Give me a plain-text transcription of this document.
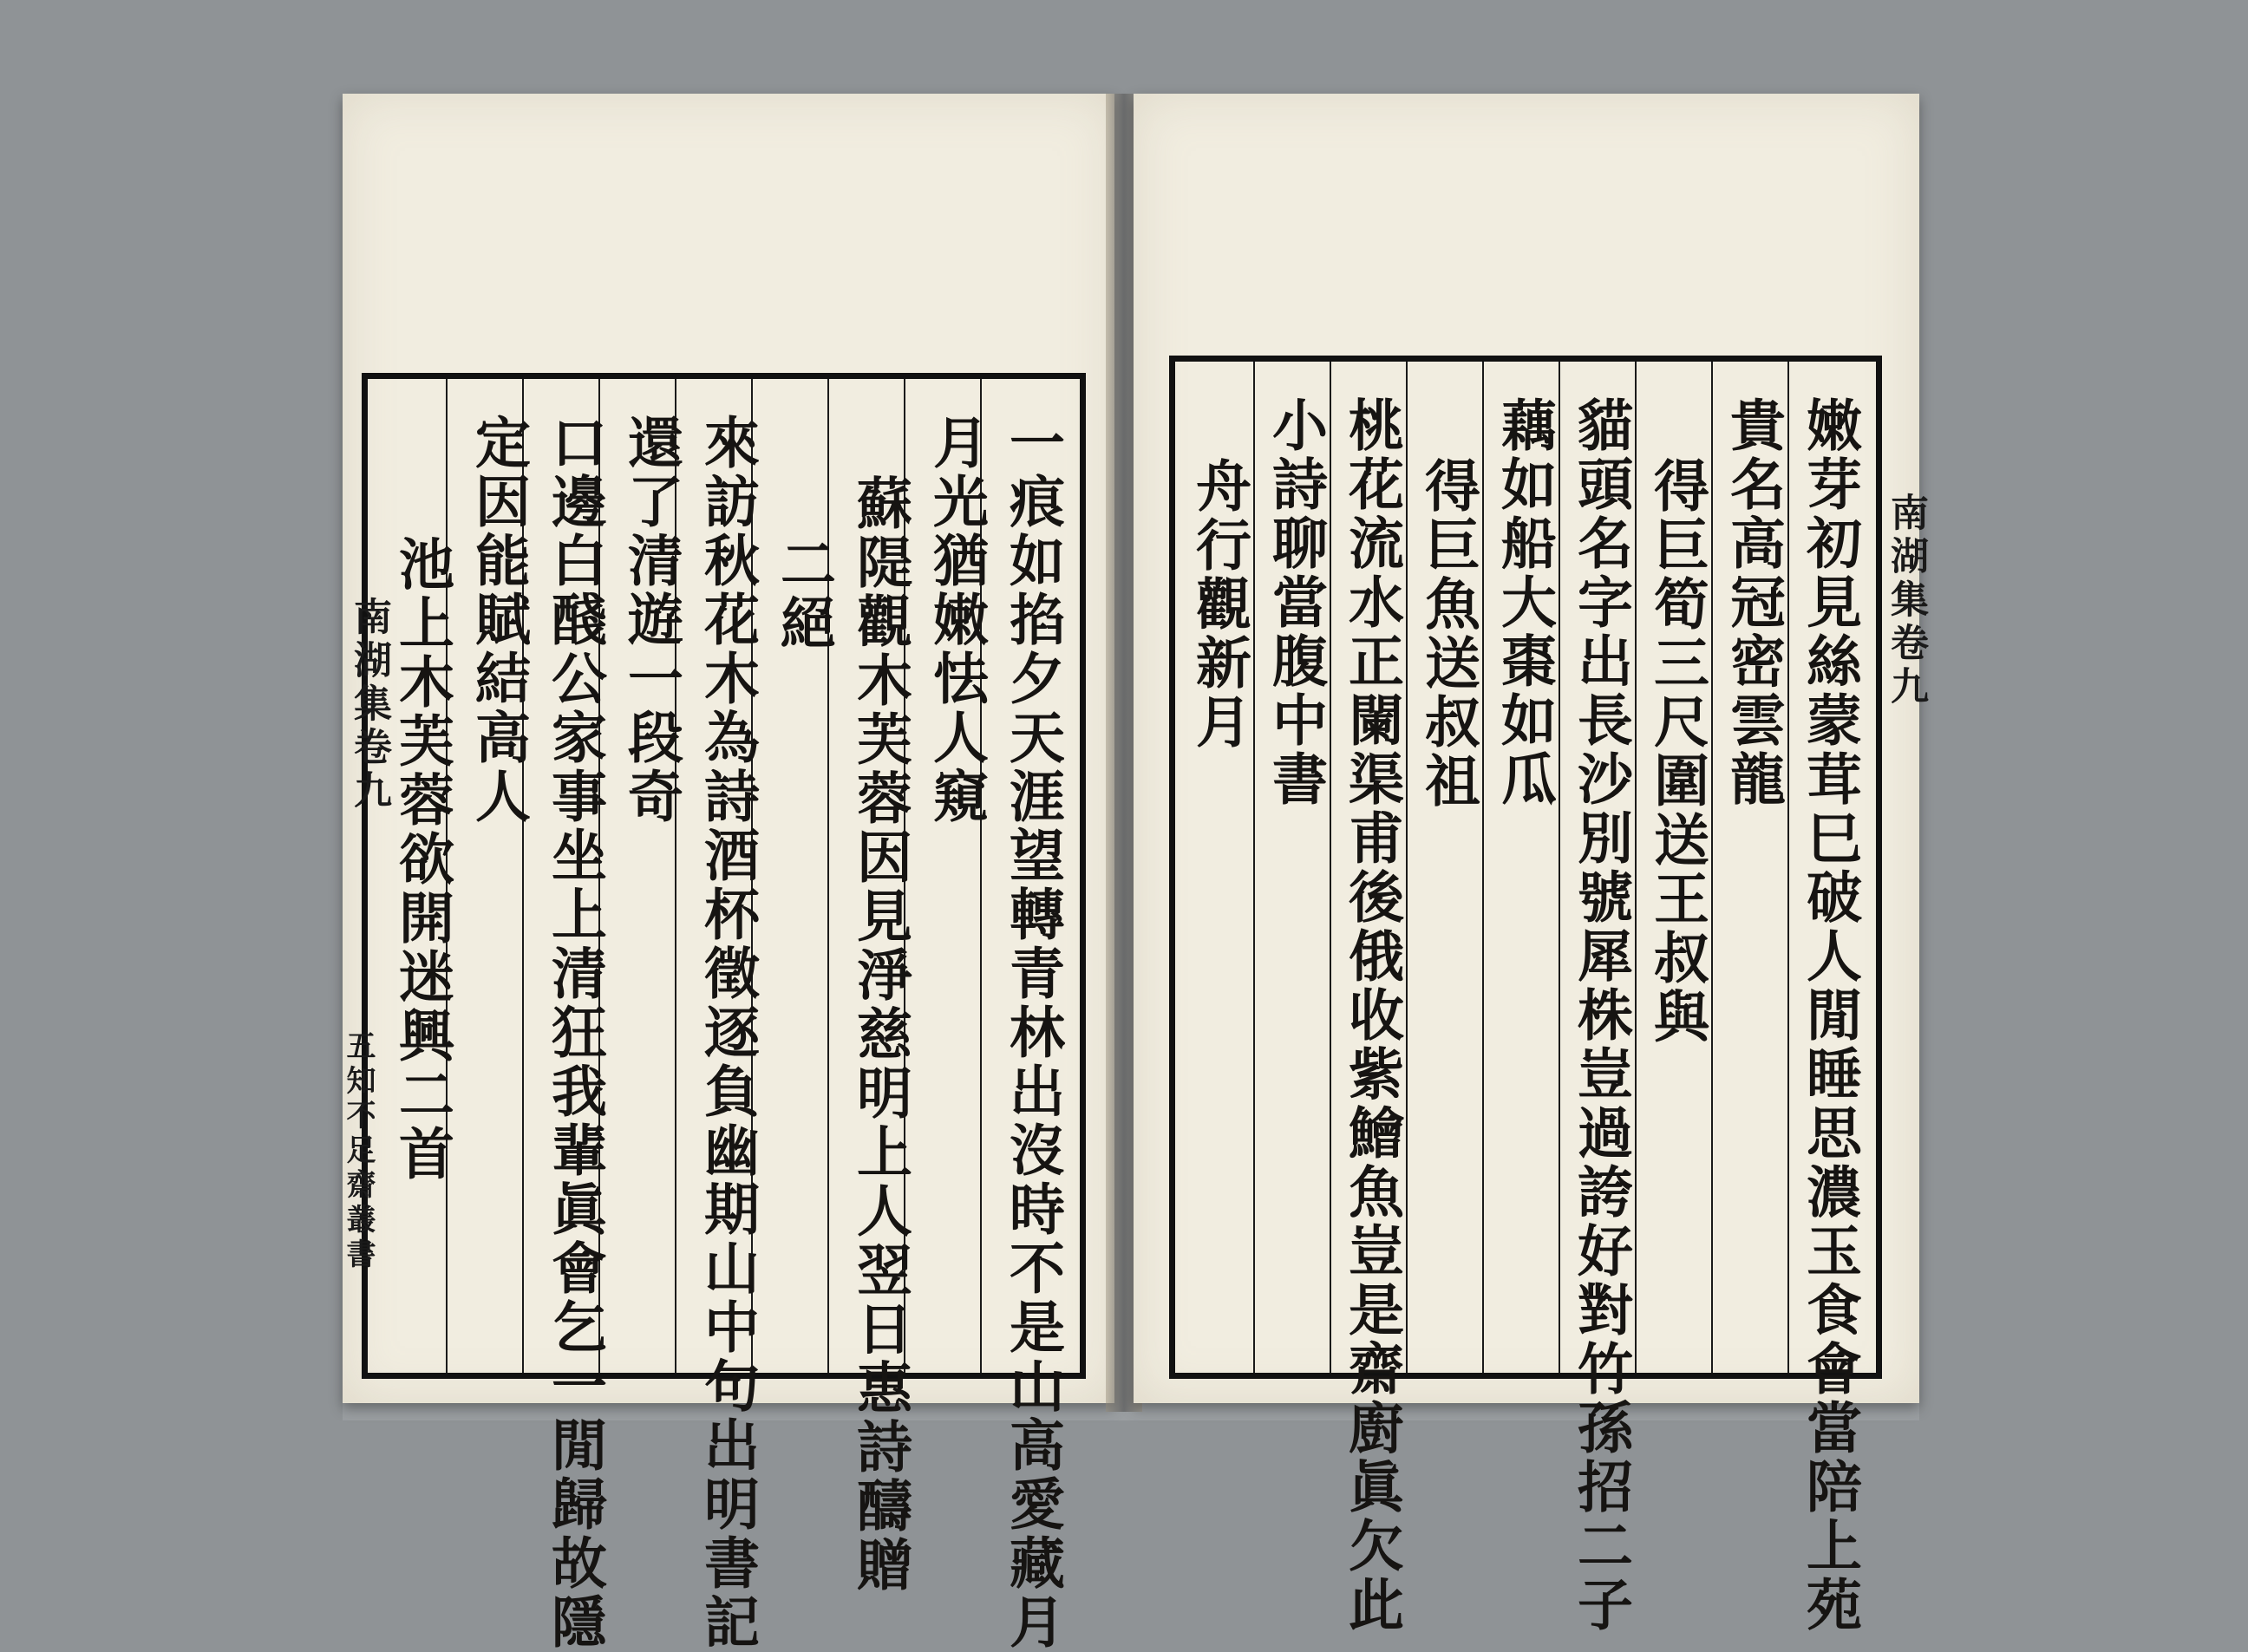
一痕如掐夕天涯望轉青林出沒時不是山高愛藏月
月光猶嫩怯人窺
蘇隄觀木芙蓉因見淨慈明上人翌日惠詩醻贈
二絕
來訪秋花木為詩酒杯徵逐負幽期山中句出明書記
還了清遊一段奇
口邊白醆公家事坐上清狂我輩眞會乞一閒歸故隱
定因能賦結高人
池上木芙蓉欲開迷興二首
南湖集卷九
五知不足齋叢書	嫩芽初見絲蒙茸巳破人閒睡思濃玉食會當陪上苑
貴名高冠密雲龍
得巨筍三尺圍送王叔與
貓頭名字出長沙別號犀株豈過誇好對竹孫招二子
藕如船大棗如瓜
得巨魚送叔祖
桃花流水正闌渠甫後俄收紫鱠魚豈是齋廚眞欠此
小詩聊當腹中書
舟行觀新月	南湖集卷九
